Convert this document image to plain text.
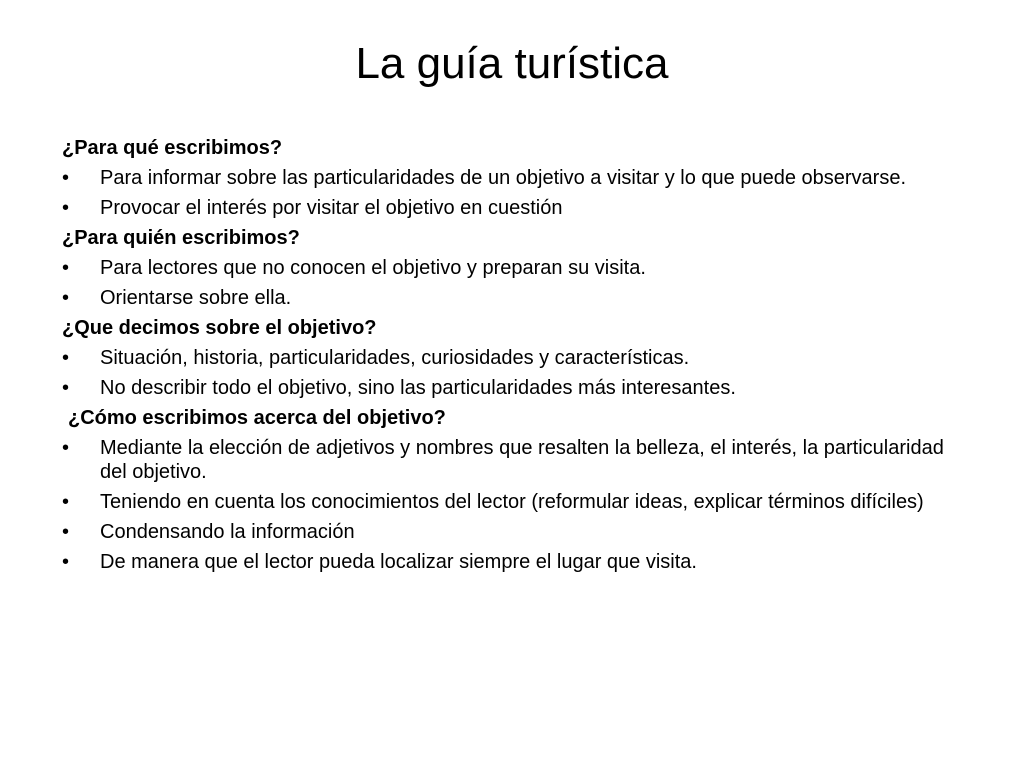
La guía turística
¿Para qué escribimos?
•	Para informar sobre las particularidades de un objetivo a visitar y lo que puede observarse.
•	Provocar el interés por visitar el objetivo en cuestión
¿Para quién escribimos?
•	Para lectores que no conocen el objetivo y preparan su visita.
•	Orientarse sobre ella.
¿Que decimos sobre el objetivo?
•	Situación, historia, particularidades, curiosidades y características.
•	No describir todo el objetivo, sino las particularidades más interesantes.
¿Cómo escribimos acerca del objetivo?
•	Mediante la elección de adjetivos y nombres que resalten la belleza, el interés, la particularidad del objetivo.
•	Teniendo en cuenta los conocimientos del lector (reformular ideas, explicar términos difíciles)
•	Condensando la información
•	De manera que el lector pueda localizar siempre el lugar que visita.
